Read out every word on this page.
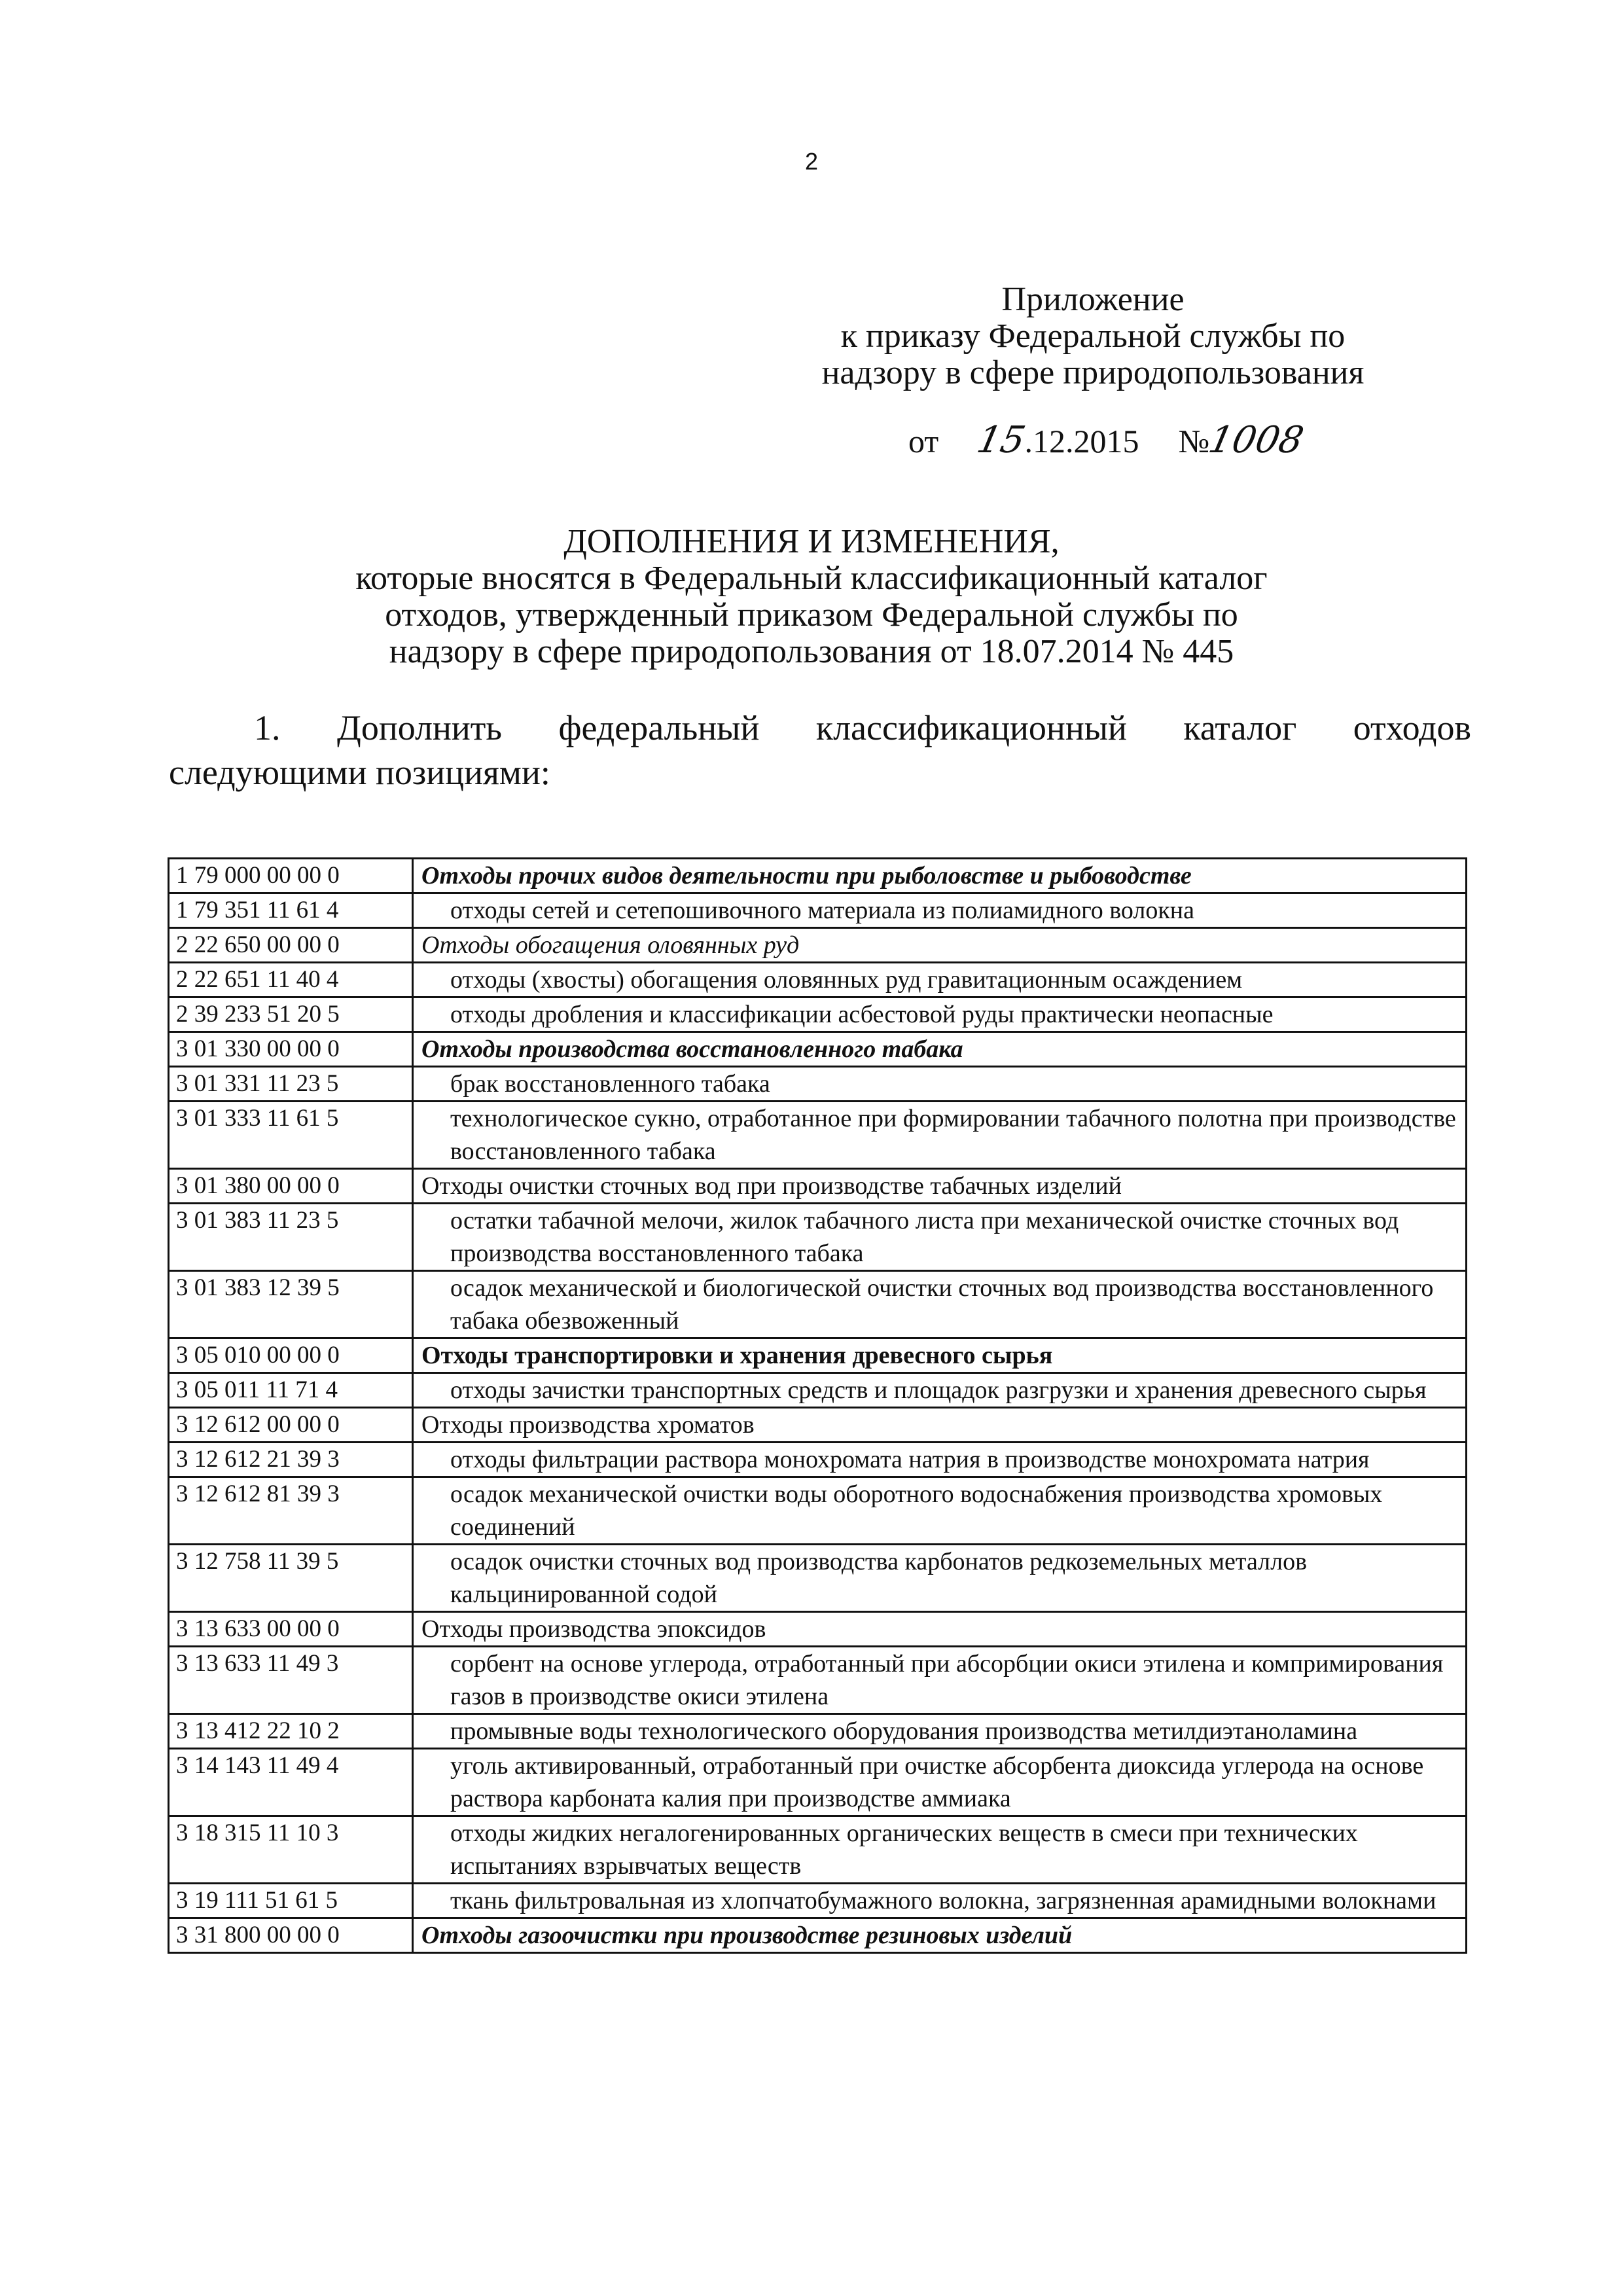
2
Приложение
к приказу Федеральной службы по
надзору в сфере природопользования
от 15.12.2015 №1008
ДОПОЛНЕНИЯ И ИЗМЕНЕНИЯ,
которые вносятся в Федеральный классификационный каталог
отходов, утвержденный приказом Федеральной службы по
надзору в сфере природопользования от 18.07.2014 № 445
1. Дополнить федеральный классификационный каталог отходов
следующими позициями:
1 79 000 00 00 0	Отходы прочих видов деятельности при рыболовстве и рыбоводстве
1 79 351 11 61 4	отходы сетей и сетепошивочного материала из полиамидного волокна
2 22 650 00 00 0	Отходы обогащения оловянных руд
2 22 651 11 40 4	отходы (хвосты) обогащения оловянных руд гравитационным осаждением
2 39 233 51 20 5	отходы дробления и классификации асбестовой руды практически неопасные
3 01 330 00 00 0	Отходы производства восстановленного табака
3 01 331 11 23 5	брак восстановленного табака
3 01 333 11 61 5	технологическое сукно, отработанное при формировании табачного полотна при производстве восстановленного табака
3 01 380 00 00 0	Отходы очистки сточных вод при производстве табачных изделий
3 01 383 11 23 5	остатки табачной мелочи, жилок табачного листа при механической очистке сточных вод производства восстановленного табака
3 01 383 12 39 5	осадок механической и биологической очистки сточных вод производства восстановленного табака обезвоженный
3 05 010 00 00 0	Отходы транспортировки и хранения древесного сырья
3 05 011 11 71 4	отходы зачистки транспортных средств и площадок разгрузки и хранения древесного сырья
3 12 612 00 00 0	Отходы производства хроматов
3 12 612 21 39 3	отходы фильтрации раствора монохромата натрия в производстве монохромата натрия
3 12 612 81 39 3	осадок механической очистки воды оборотного водоснабжения производства хромовых соединений
3 12 758 11 39 5	осадок очистки сточных вод производства карбонатов редкоземельных металлов кальцинированной содой
3 13 633 00 00 0	Отходы производства эпоксидов
3 13 633 11 49 3	сорбент на основе углерода, отработанный при абсорбции окиси этилена и компримирования газов в производстве окиси этилена
3 13 412 22 10 2	промывные воды технологического оборудования производства метилдиэтаноламина
3 14 143 11 49 4	уголь активированный, отработанный при очистке абсорбента диоксида углерода на основе раствора карбоната калия при производстве аммиака
3 18 315 11 10 3	отходы жидких негалогенированных органических веществ в смеси при технических испытаниях взрывчатых веществ
3 19 111 51 61 5	ткань фильтровальная из хлопчатобумажного волокна, загрязненная арамидными волокнами
3 31 800 00 00 0	Отходы газоочистки при производстве резиновых изделий
